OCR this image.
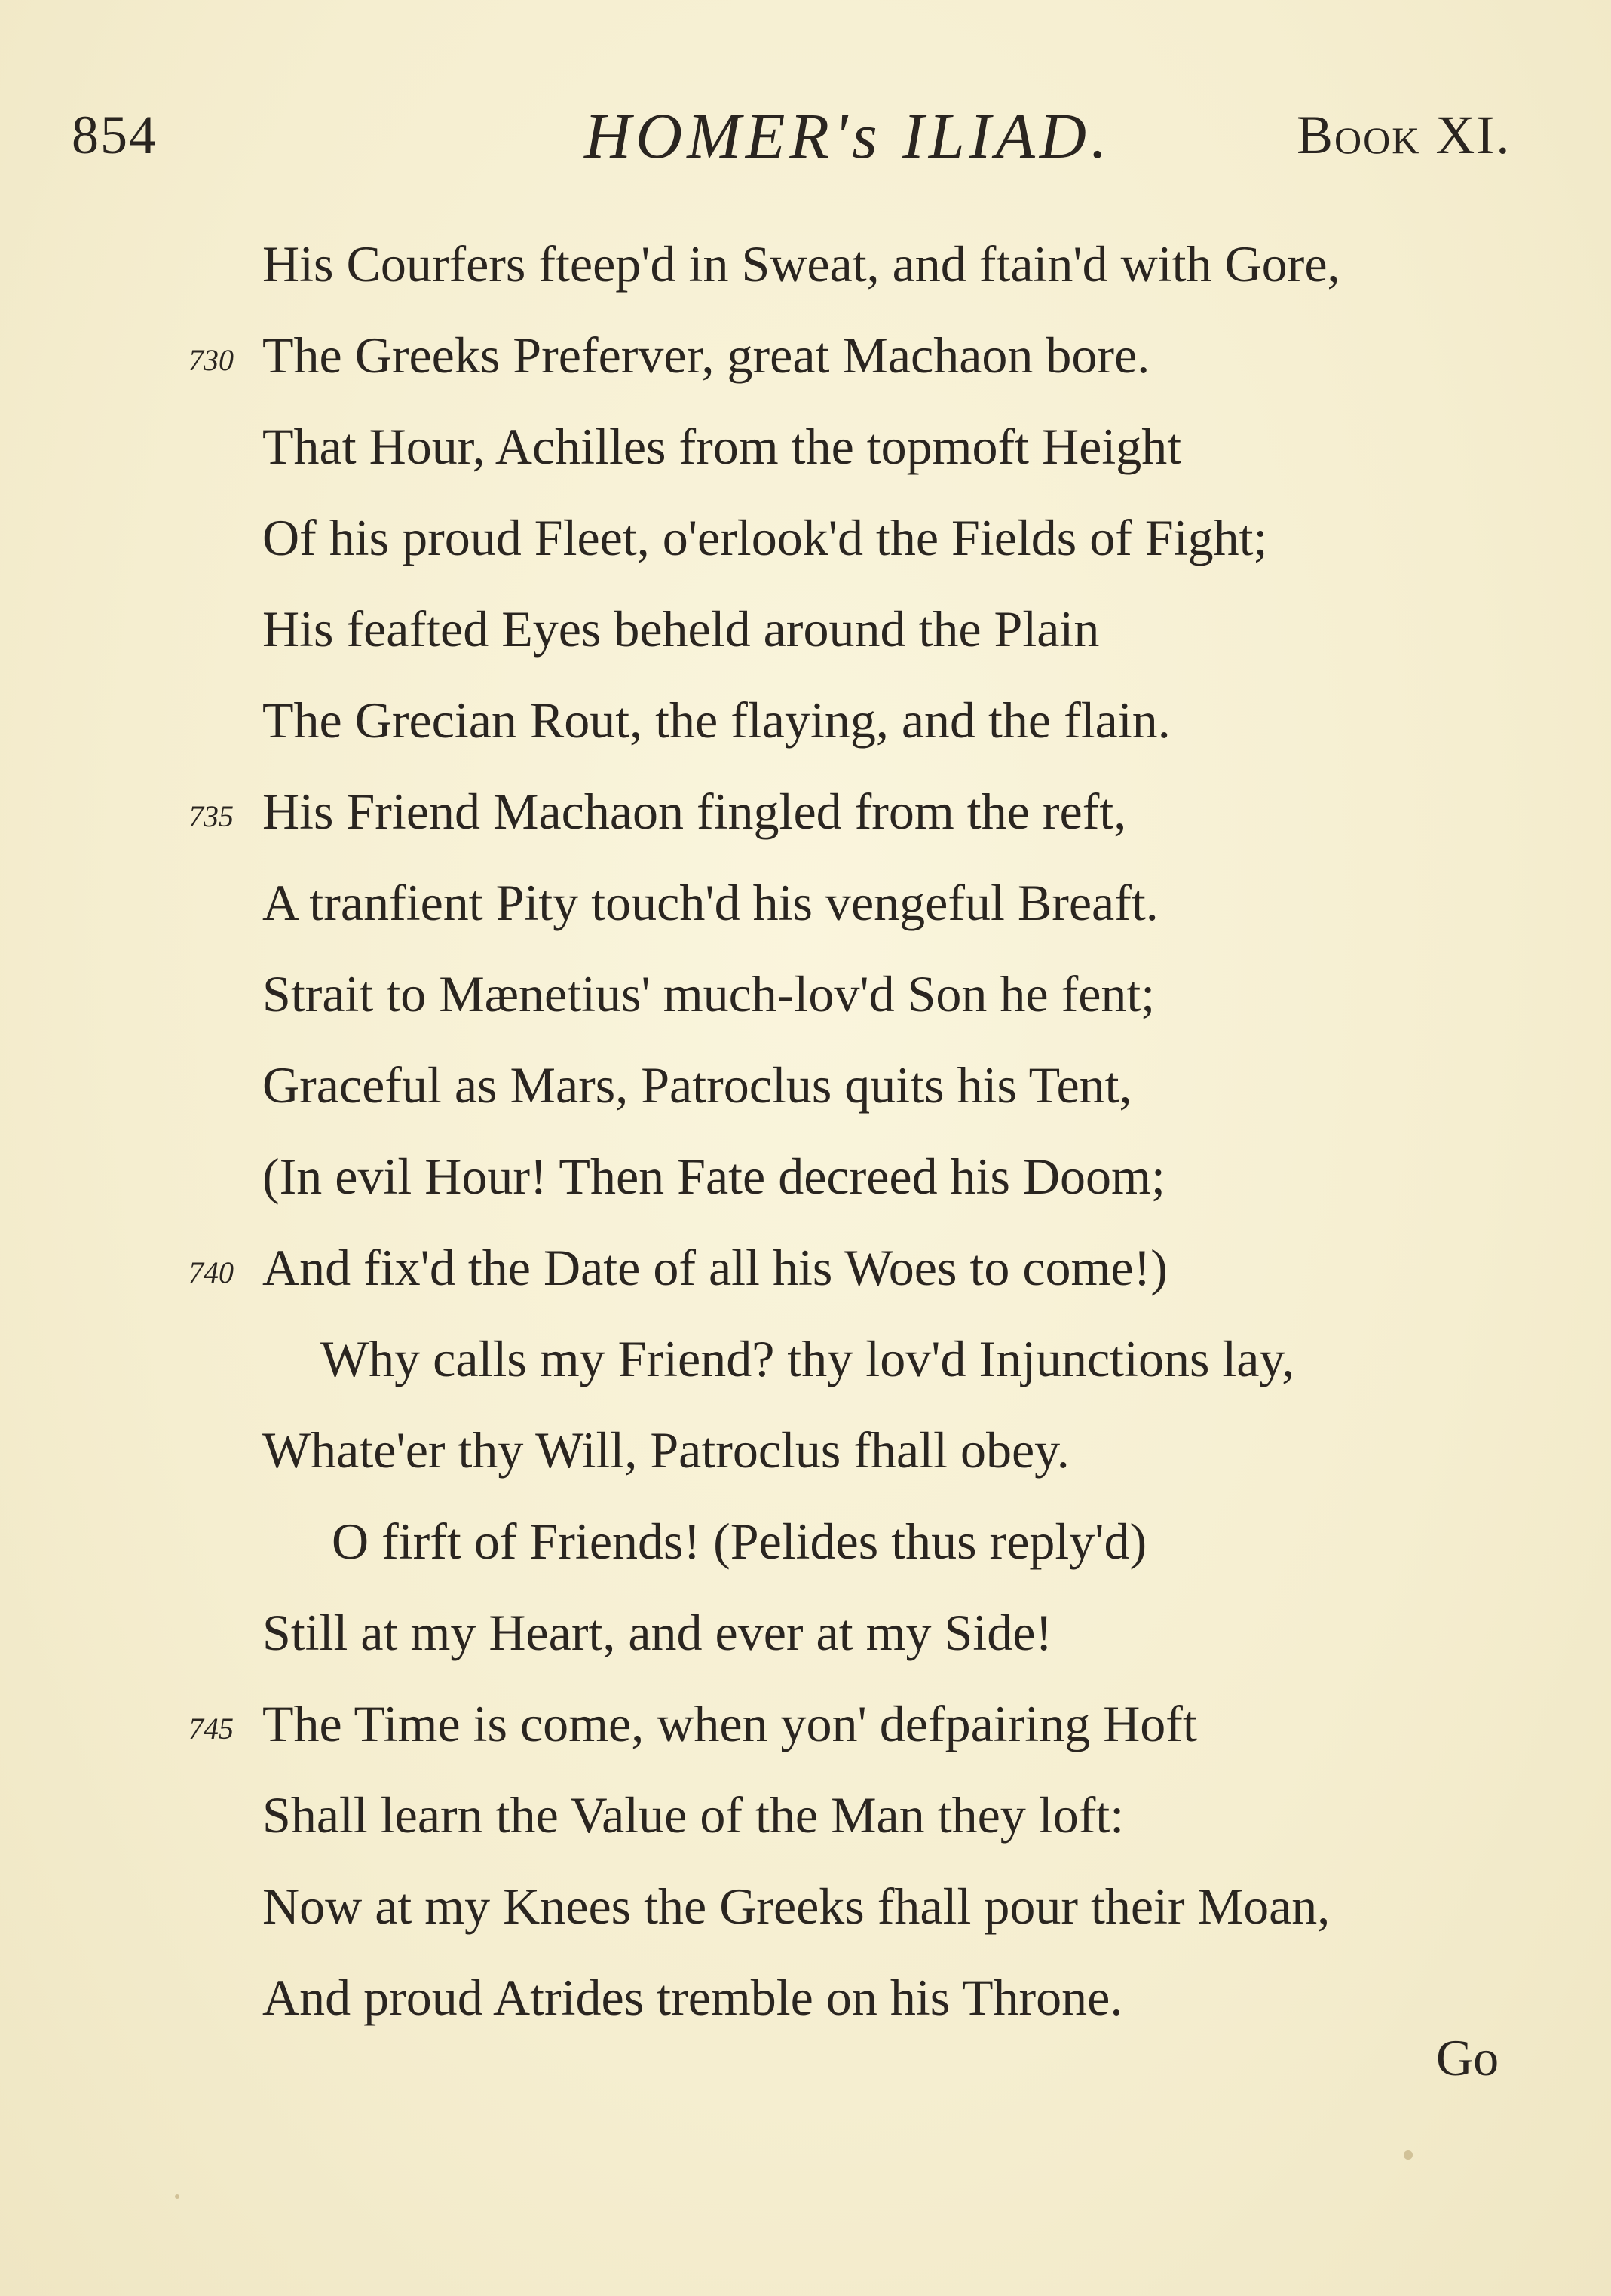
854	HOMER's ILIAD.	Book XI.
His Courfers fteep'd in Sweat, and ftain'd with Gore,
730 The Greeks Preferver, great Machaon bore.
That Hour, Achilles from the topmoft Height
Of his proud Fleet, o'erlook'd the Fields of Fight;
His feafted Eyes beheld around the Plain
The Grecian Rout, the flaying, and the flain.
735 His Friend Machaon fingled from the reft,
A tranfient Pity touch'd his vengeful Breaft.
Strait to Mænetius' much-lov'd Son he fent;
Graceful as Mars, Patroclus quits his Tent,
(In evil Hour! Then Fate decreed his Doom;
740 And fix'd the Date of all his Woes to come!)
Why calls my Friend? thy lov'd Injunctions lay,
Whate'er thy Will, Patroclus fhall obey.
O firft of Friends! (Pelides thus reply'd)
Still at my Heart, and ever at my Side!
745 The Time is come, when yon' defpairing Hoft
Shall learn the Value of the Man they loft:
Now at my Knees the Greeks fhall pour their Moan,
And proud Atrides tremble on his Throne.
Go
